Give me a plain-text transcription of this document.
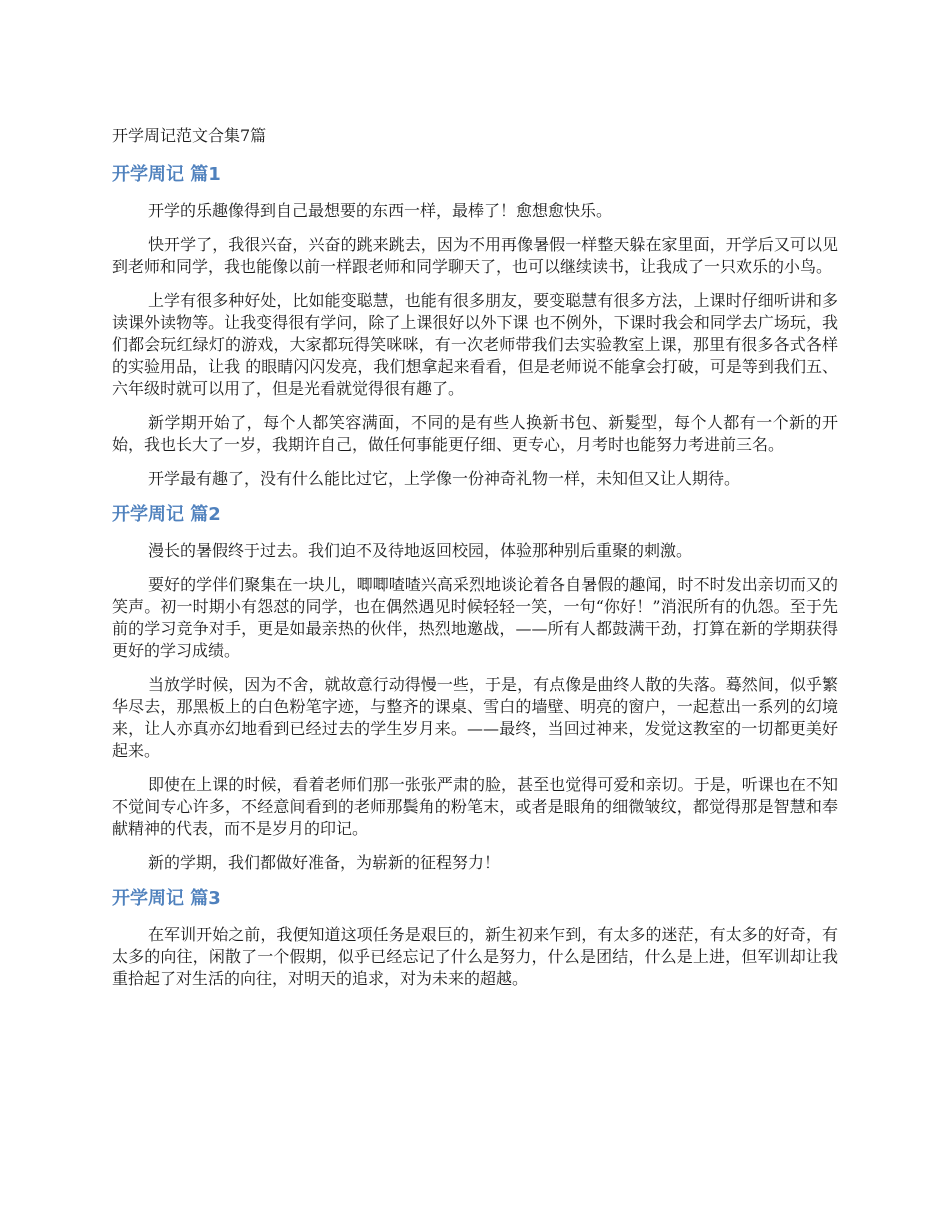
开学周记范文合集7篇
开学周记 篇1

开学的乐趣像得到自己最想要的东西一样，最棒了！愈想愈快乐。

快开学了，我很兴奋，兴奋的跳来跳去，因为不用再像暑假一样整天躲在家里面，开学后又可以见到老师和同学，我也能像以前一样跟老师和同学聊天了，也可以继续读书，让我成了一只欢乐的小鸟。

上学有很多种好处，比如能变聪慧，也能有很多朋友，要变聪慧有很多方法，上课时仔细听讲和多读课外读物等。让我变得很有学问，除了上课很好以外下课 也不例外，下课时我会和同学去广场玩，我们都会玩红绿灯的游戏，大家都玩得笑咪咪，有一次老师带我们去实验教室上课，那里有很多各式各样的实验用品，让我 的眼睛闪闪发亮，我们想拿起来看看，但是老师说不能拿会打破，可是等到我们五、六年级时就可以用了，但是光看就觉得很有趣了。

新学期开始了，每个人都笑容满面，不同的是有些人换新书包、新髮型，每个人都有一个新的开始，我也长大了一岁，我期许自己，做任何事能更仔细、更专心，月考时也能努力考进前三名。

开学最有趣了，没有什么能比过它，上学像一份神奇礼物一样，未知但又让人期待。

开学周记 篇2

漫长的暑假终于过去。我们迫不及待地返回校园，体验那种别后重聚的刺激。

要好的学伴们聚集在一块儿，唧唧喳喳兴高采烈地谈论着各自暑假的趣闻，时不时发出亲切而又的笑声。初一时期小有怨怼的同学，也在偶然遇见时候轻轻一笑，一句“你好！”消泯所有的仇怨。至于先前的学习竞争对手，更是如最亲热的伙伴，热烈地邀战，——所有人都鼓满干劲，打算在新的学期获得更好的学习成绩。

当放学时候，因为不舍，就故意行动得慢一些，于是，有点像是曲终人散的失落。蓦然间，似乎繁华尽去，那黑板上的白色粉笔字迹，与整齐的课桌、雪白的墙壁、明亮的窗户，一起惹出一系列的幻境来，让人亦真亦幻地看到已经过去的学生岁月来。——最终，当回过神来，发觉这教室的一切都更美好起来。

即使在上课的时候，看着老师们那一张张严肃的脸，甚至也觉得可爱和亲切。于是，听课也在不知不觉间专心许多，不经意间看到的老师那鬓角的粉笔末，或者是眼角的细微皱纹，都觉得那是智慧和奉献精神的代表，而不是岁月的印记。

新的学期，我们都做好准备，为崭新的征程努力！

开学周记 篇3

在军训开始之前，我便知道这项任务是艰巨的，新生初来乍到，有太多的迷茫，有太多的好奇，有太多的向往，闲散了一个假期，似乎已经忘记了什么是努力，什么是团结，什么是上进，但军训却让我重拾起了对生活的向往，对明天的追求，对为未来的超越。
